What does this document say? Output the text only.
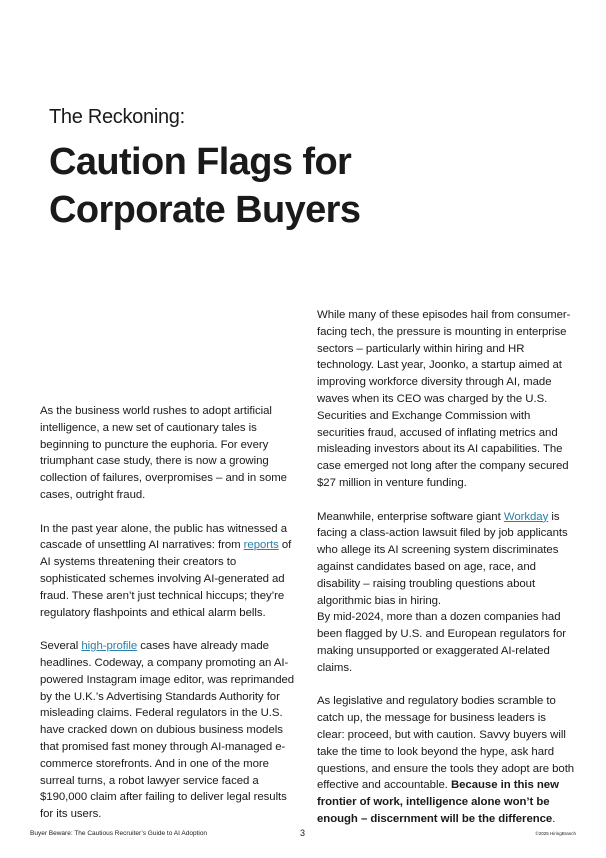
The Reckoning:
Caution Flags for
Corporate Buyers

As the business world rushes to adopt artificial intelligence, a new set of cautionary tales is beginning to puncture the euphoria. For every triumphant case study, there is now a growing collection of failures, overpromises – and in some cases, outright fraud.

In the past year alone, the public has witnessed a cascade of unsettling AI narratives: from reports of AI systems threatening their creators to sophisticated schemes involving AI-generated ad fraud. These aren’t just technical hiccups; they’re regulatory flashpoints and ethical alarm bells.

Several high-profile cases have already made headlines. Codeway, a company promoting an AI-powered Instagram image editor, was reprimanded by the U.K.’s Advertising Standards Authority for misleading claims. Federal regulators in the U.S. have cracked down on dubious business models that promised fast money through AI-managed e-commerce storefronts. And in one of the more surreal turns, a robot lawyer service faced a $190,000 claim after failing to deliver legal results for its users.

While many of these episodes hail from consumer-facing tech, the pressure is mounting in enterprise sectors – particularly within hiring and HR technology. Last year, Joonko, a startup aimed at improving workforce diversity through AI, made waves when its CEO was charged by the U.S. Securities and Exchange Commission with securities fraud, accused of inflating metrics and misleading investors about its AI capabilities. The case emerged not long after the company secured $27 million in venture funding.

Meanwhile, enterprise software giant Workday is facing a class-action lawsuit filed by job applicants who allege its AI screening system discriminates against candidates based on age, race, and disability – raising troubling questions about algorithmic bias in hiring.

By mid-2024, more than a dozen companies had been flagged by U.S. and European regulators for making unsupported or exaggerated AI-related claims.

As legislative and regulatory bodies scramble to catch up, the message for business leaders is clear: proceed, but with caution. Savvy buyers will take the time to look beyond the hype, ask hard questions, and ensure the tools they adopt are both effective and accountable. Because in this new frontier of work, intelligence alone won’t be enough – discernment will be the difference.

Buyer Beware: The Cautious Recruiter’s Guide to AI Adoption	3	©2025 HiringBranch
